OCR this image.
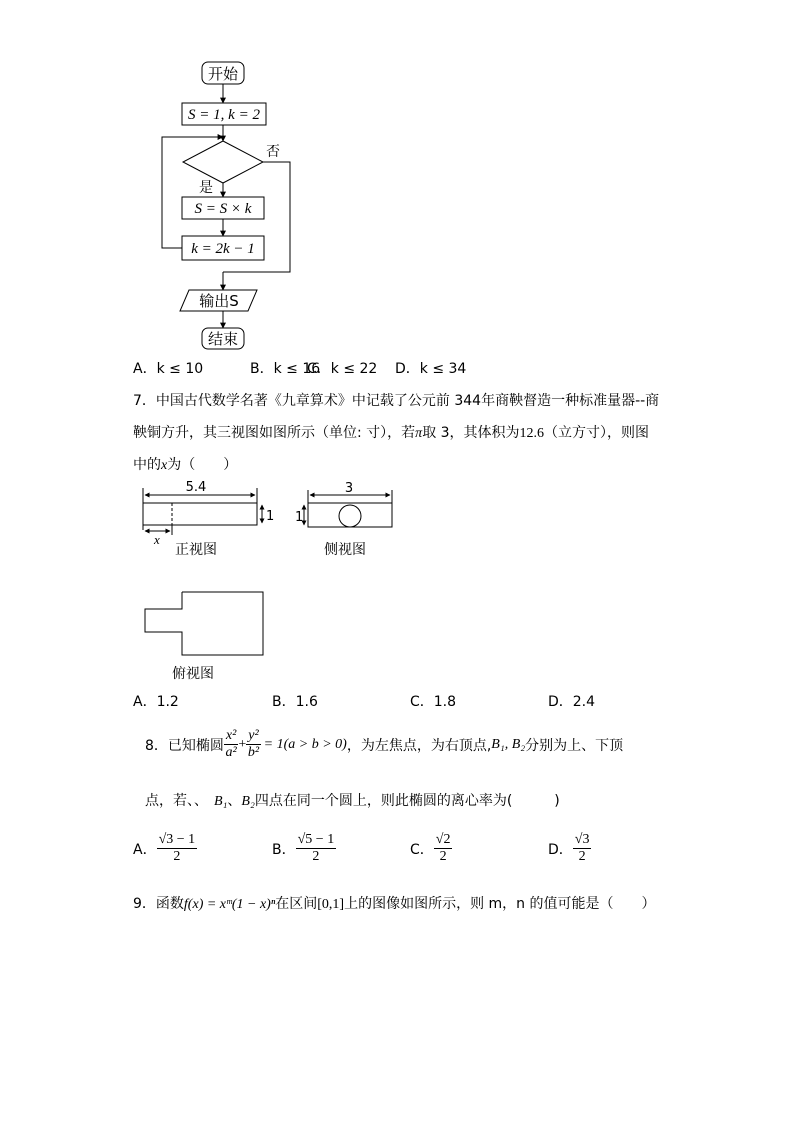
开始
S = 1, k = 2
否
是
S = S × k
k = 2k − 1
输出S
结束
A．k ≤ 10	B．k ≤ 16
C．k ≤ 22 D．k ≤ 34
7．中国古代数学名著《九章算术》中记载了公元前 344年商鞅督造一种标准量器--商
鞅铜方升，其三视图如图所示（单位: 寸），若π取 3，其体积为12.6（立方寸），则图
中的x为（　　）
5.4
1
x
正视图
3
1
侧视图
俯视图
A．1.2	B．1.6	C．1.8	D．2.4
8．已知椭圆 $\frac{\text{x²}}{\text{a²}} + \frac{\text{y²}}{\text{b²}} = 1(a > b > 0)$ ，为左焦点，为右顶点, B₁, B₂ 分别为上、下顶
点，若、、 B₁、B₂四点在同一个圆上，则此椭圆的离心率为(　　　)
A． $\frac{√3 - 1}{2}$	B． $\frac{√5 - 1}{2}$	C． $\frac{√2}{2}$	D． $\frac{√3}{2}$
9．函数f(x) = xᵐ(1 − x)ⁿ在区间[0,1]上的图像如图所示，则 m，n 的值可能是（　　）
